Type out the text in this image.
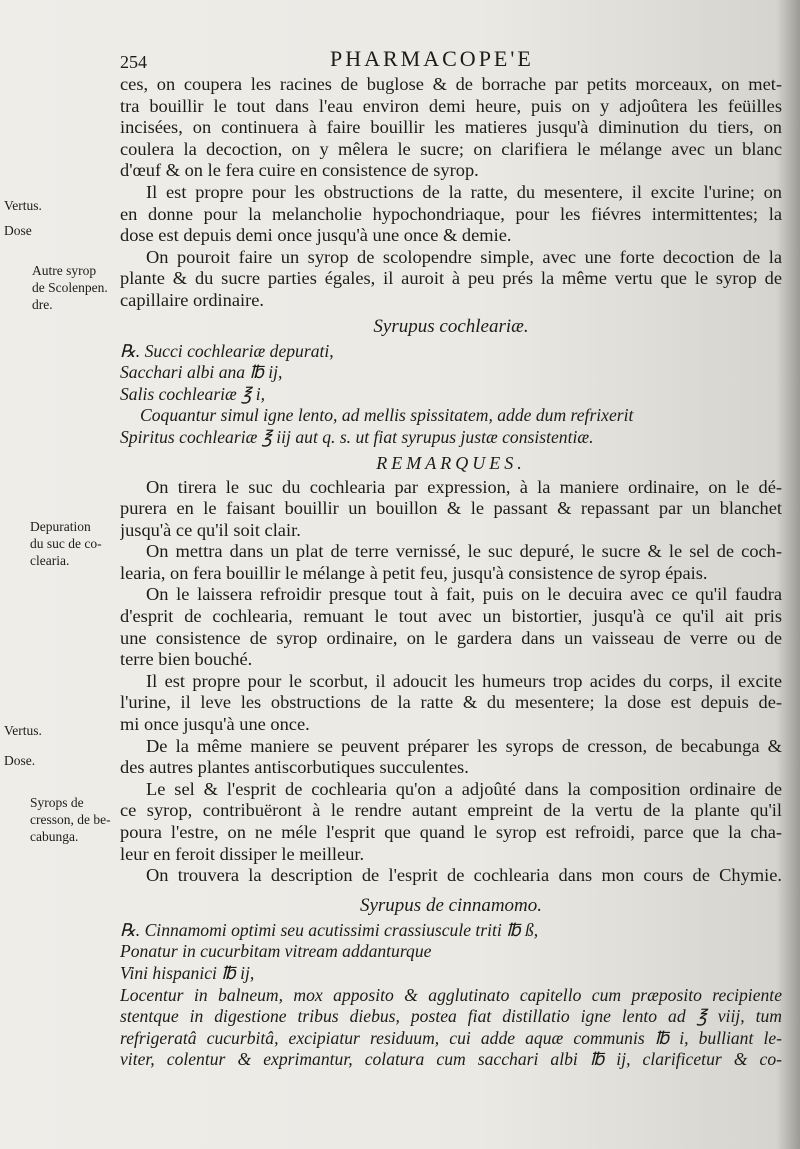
254	PHARMACOPE'E
Vertus.
Dose
Autre syrop
de Scolenpen.
dre.
Depuration
du suc de co-
clearia.
Vertus.
Dose.
Syrops de
cresson, de be-
cabunga.
ces, on coupera les racines de buglose & de borrache par petits morceaux, on met-
tra bouillir le tout dans l'eau environ demi heure, puis on y adjoûtera les feüilles
incisées, on continuera à faire bouillir les matieres jusqu'à diminution du tiers, on
coulera la decoction, on y mêlera le sucre; on clarifiera le mélange avec un blanc
d'œuf & on le fera cuire en consistence de syrop.
Il est propre pour les obstructions de la ratte, du mesentere, il excite l'urine; on
en donne pour la melancholie hypochondriaque, pour les fiévres intermittentes; la
dose est depuis demi once jusqu'à une once & demie.
On pouroit faire un syrop de scolopendre simple, avec une forte decoction de la
plante & du sucre parties égales, il auroit à peu prés la même vertu que le syrop de
capillaire ordinaire.
Syrupus cochleariæ.
℞. Succi cochleariæ depurati,
Sacchari albi ana ℔ ij,
Salis cochleariæ ℥ i,
Coquantur simul igne lento, ad mellis spissitatem, adde dum refrixerit
Spiritus cochleariæ ℥ iij aut q. s. ut fiat syrupus justæ consistentiæ.
REMARQUES.
On tirera le suc du cochlearia par expression, à la maniere ordinaire, on le dé-
purera en le faisant bouillir un bouillon & le passant & repassant par un blanchet
jusqu'à ce qu'il soit clair.
On mettra dans un plat de terre vernissé, le suc depuré, le sucre & le sel de coch-
learia, on fera bouillir le mélange à petit feu, jusqu'à consistence de syrop épais.
On le laissera refroidir presque tout à fait, puis on le decuira avec ce qu'il faudra
d'esprit de cochlearia, remuant le tout avec un bistortier, jusqu'à ce qu'il ait pris
une consistence de syrop ordinaire, on le gardera dans un vaisseau de verre ou de
terre bien bouché.
Il est propre pour le scorbut, il adoucit les humeurs trop acides du corps, il excite
l'urine, il leve les obstructions de la ratte & du mesentere; la dose est depuis de-
mi once jusqu'à une once.
De la même maniere se peuvent préparer les syrops de cresson, de becabunga &
des autres plantes antiscorbutiques succulentes.
Le sel & l'esprit de cochlearia qu'on a adjoûté dans la composition ordinaire de
ce syrop, contribuëront à le rendre autant empreint de la vertu de la plante qu'il
poura l'estre, on ne méle l'esprit que quand le syrop est refroidi, parce que la cha-
leur en feroit dissiper le meilleur.
On trouvera la description de l'esprit de cochlearia dans mon cours de Chymie.
Syrupus de cinnamomo.
℞. Cinnamomi optimi seu acutissimi crassiuscule triti ℔ ß,
Ponatur in cucurbitam vitream addanturque
Vini hispanici ℔ ij,
Locentur in balneum, mox apposito & agglutinato capitello cum præposito recipiente
stentque in digestione tribus diebus, postea fiat distillatio igne lento ad ℥ viij, tum
refrigeratâ cucurbitâ, excipiatur residuum, cui adde aquæ communis ℔ i, bulliant le-
viter, colentur & exprimantur, colatura cum sacchari albi ℔ ij, clarificetur & co-
